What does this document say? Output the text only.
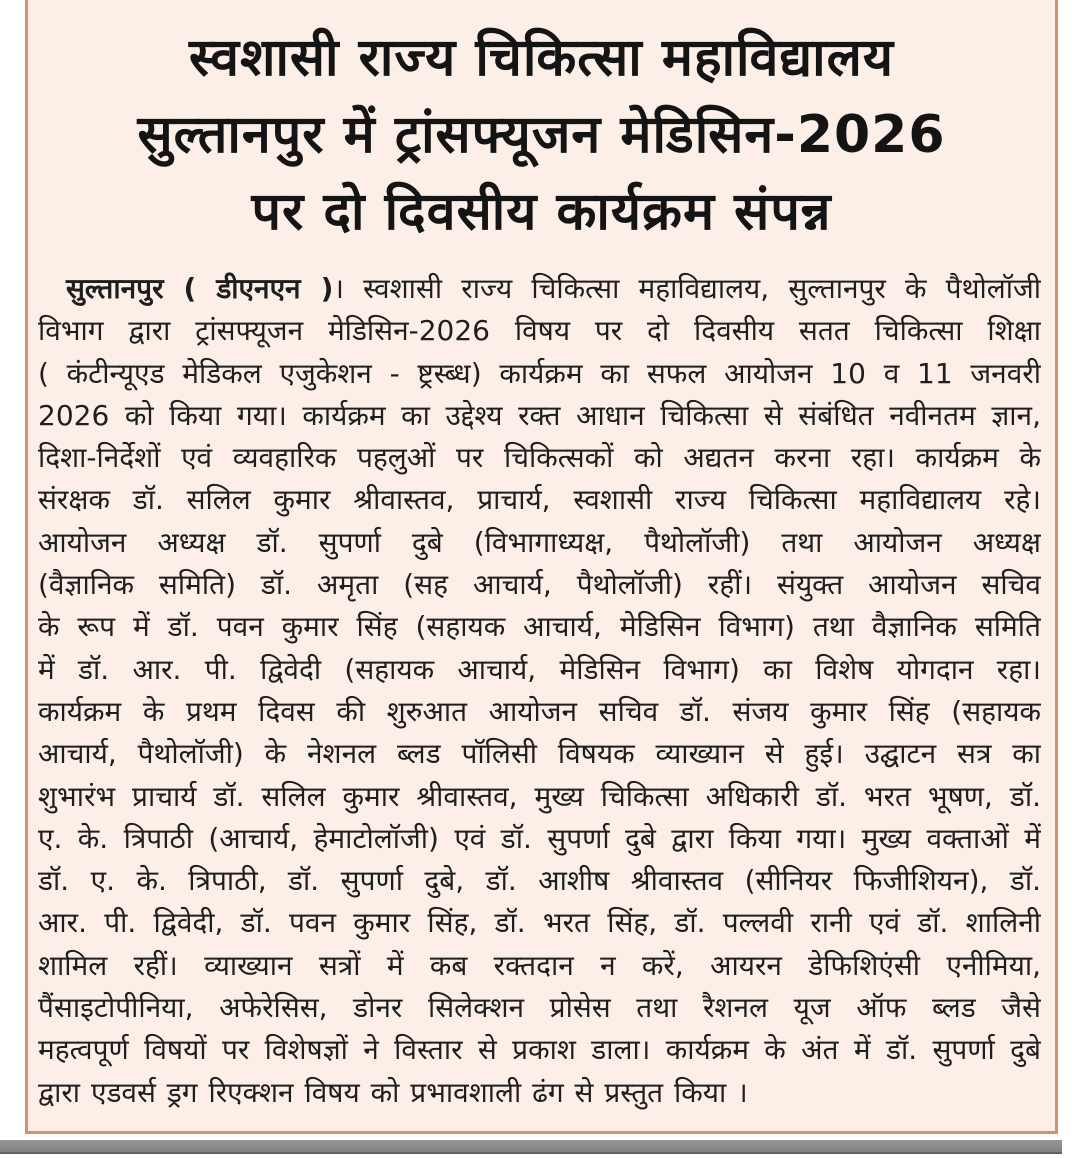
स्वशासी राज्य चिकित्सा महाविद्यालय
सुल्तानपुर में ट्रांसफ्यूजन मेडिसिन-2026
पर दो दिवसीय कार्यक्रम संपन्न
सुल्तानपुर ( डीएनएन )। स्वशासी राज्य चिकित्सा महाविद्यालय, सुल्तानपुर के पैथोलॉजी
विभाग द्वारा ट्रांसफ्यूजन मेडिसिन-2026 विषय पर दो दिवसीय सतत चिकित्सा शिक्षा
( कंटीन्यूएड मेडिकल एजुकेशन - ष्ट्रस्ब्ध) कार्यक्रम का सफल आयोजन 10 व 11 जनवरी
2026 को किया गया। कार्यक्रम का उद्देश्य रक्त आधान चिकित्सा से संबंधित नवीनतम ज्ञान,
दिशा-निर्देशों एवं व्यवहारिक पहलुओं पर चिकित्सकों को अद्यतन करना रहा। कार्यक्रम के
संरक्षक डॉ. सलिल कुमार श्रीवास्तव, प्राचार्य, स्वशासी राज्य चिकित्सा महाविद्यालय रहे।
आयोजन अध्यक्ष डॉ. सुपर्णा दुबे (विभागाध्यक्ष, पैथोलॉजी) तथा आयोजन अध्यक्ष
(वैज्ञानिक समिति) डॉ. अमृता (सह आचार्य, पैथोलॉजी) रहीं। संयुक्त आयोजन सचिव
के रूप में डॉ. पवन कुमार सिंह (सहायक आचार्य, मेडिसिन विभाग) तथा वैज्ञानिक समिति
में डॉ. आर. पी. द्विवेदी (सहायक आचार्य, मेडिसिन विभाग) का विशेष योगदान रहा।
कार्यक्रम के प्रथम दिवस की शुरुआत आयोजन सचिव डॉ. संजय कुमार सिंह (सहायक
आचार्य, पैथोलॉजी) के नेशनल ब्लड पॉलिसी विषयक व्याख्यान से हुई। उद्घाटन सत्र का
शुभारंभ प्राचार्य डॉ. सलिल कुमार श्रीवास्तव, मुख्य चिकित्सा अधिकारी डॉ. भरत भूषण, डॉ.
ए. के. त्रिपाठी (आचार्य, हेमाटोलॉजी) एवं डॉ. सुपर्णा दुबे द्वारा किया गया। मुख्य वक्ताओं में
डॉ. ए. के. त्रिपाठी, डॉ. सुपर्णा दुबे, डॉ. आशीष श्रीवास्तव (सीनियर फिजीशियन), डॉ.
आर. पी. द्विवेदी, डॉ. पवन कुमार सिंह, डॉ. भरत सिंह, डॉ. पल्लवी रानी एवं डॉ. शालिनी
शामिल रहीं। व्याख्यान सत्रों में कब रक्तदान न करें, आयरन डेफिशिएंसी एनीमिया,
पैंसाइटोपीनिया, अफेरेसिस, डोनर सिलेक्शन प्रोसेस तथा रैशनल यूज ऑफ ब्लड जैसे
महत्वपूर्ण विषयों पर विशेषज्ञों ने विस्तार से प्रकाश डाला। कार्यक्रम के अंत में डॉ. सुपर्णा दुबे
द्वारा एडवर्स ड्रग रिएक्शन विषय को प्रभावशाली ढंग से प्रस्तुत किया ।
